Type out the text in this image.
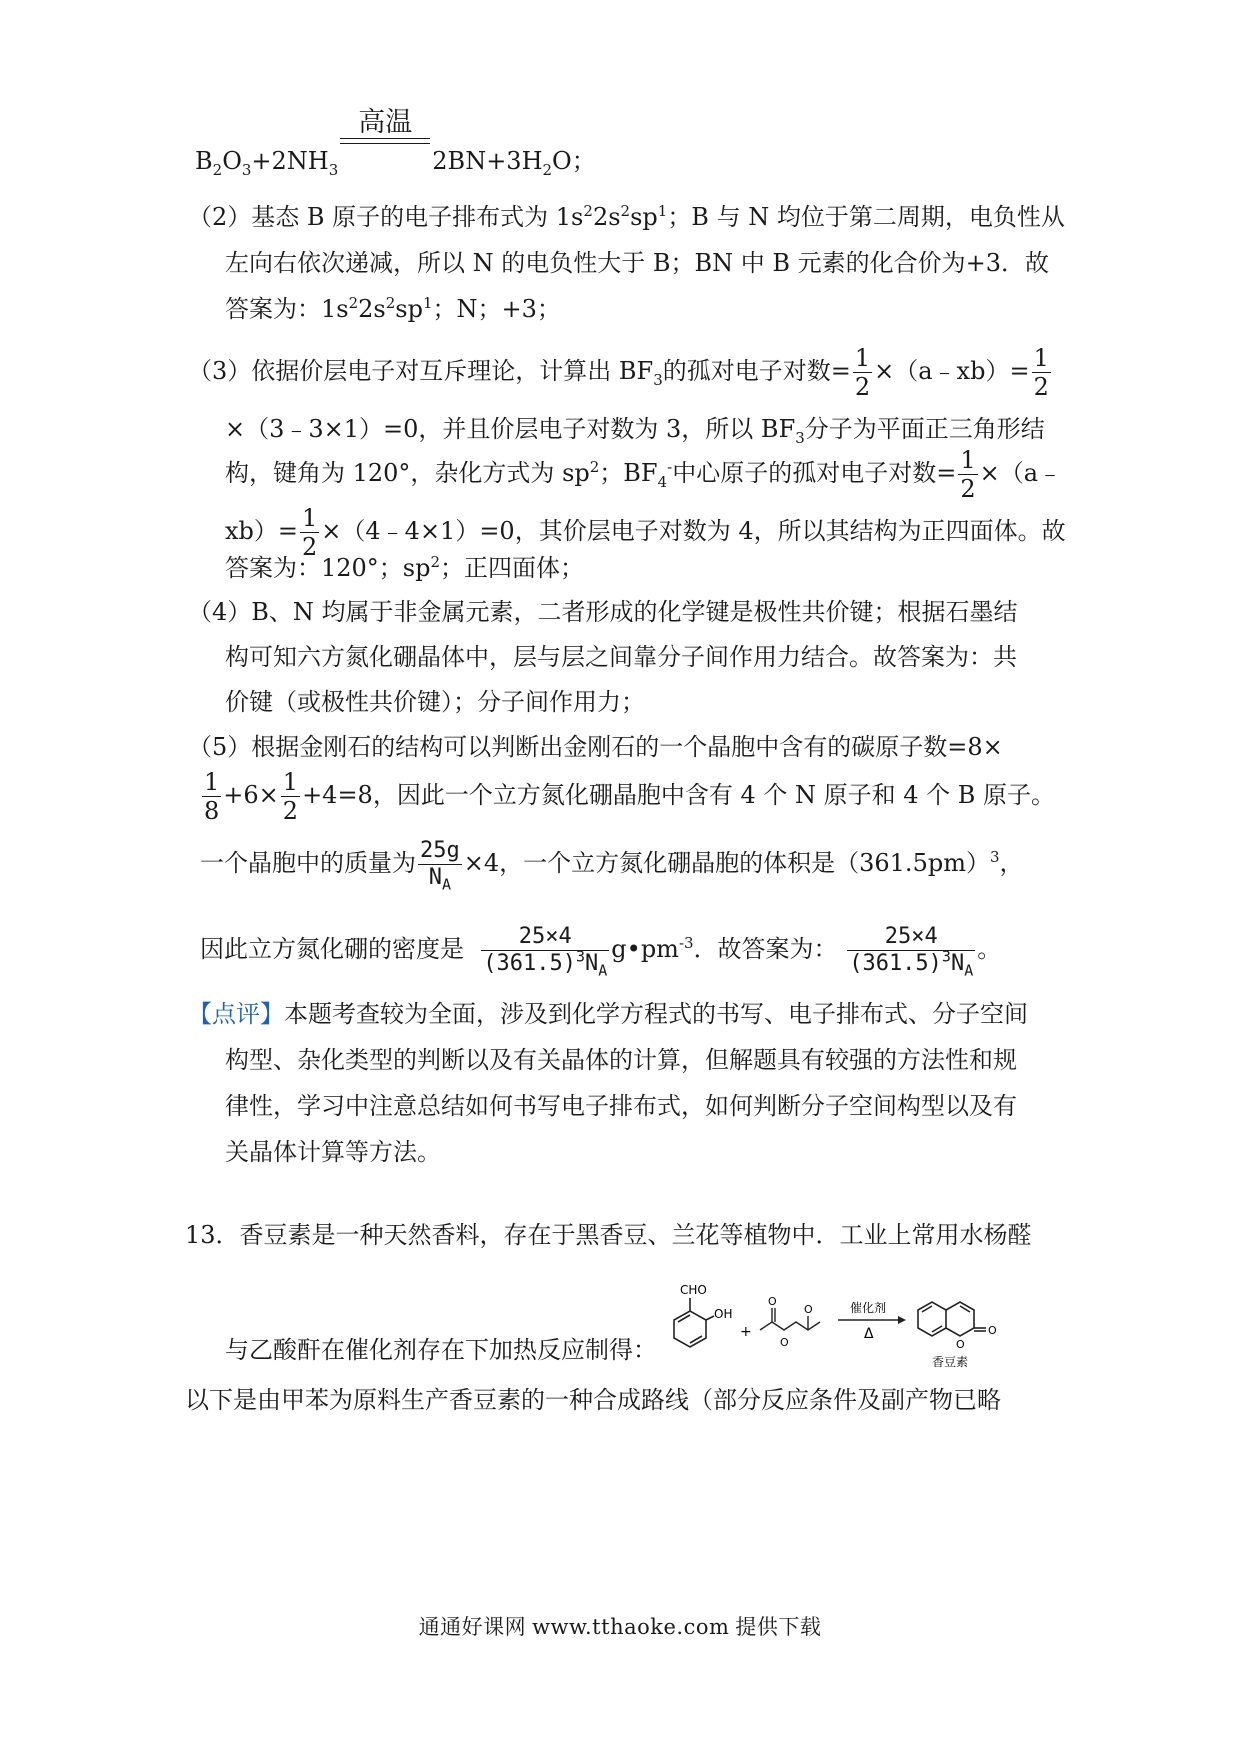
$B_2O_3+2NH_3$
高温
$2BN+3H_2O$；
（2）基态 B 原子的电子排布式为 $1s^22s^2sp^1$；B 与 N 均位于第二周期，电负性从
左向右依次递减，所以 N 的电负性大于 B；BN 中 B 元素的化合价为+3．故
答案为：$1s^22s^2sp^1$；N；+3；
（3）依据价层电子对互斥理论，计算出 $BF_3$的孤对电子对数= $\frac{1}{2}$ ×（a﹣xb）= $\frac{1}{2}$
×（3﹣3×1）=0，并且价层电子对数为 3，所以 $BF_3$分子为平面正三角形结
构，键角为 120°，杂化方式为 $sp^2$；$BF_4^-$中心原子的孤对电子对数= $\frac{1}{2}$ ×（a﹣
$xb)= \frac{1}{2}$ ×（4﹣4×1）=0，其价层电子对数为 4，所以其结构为正四面体。故
答案为：120°；$sp^2$；正四面体；
（4）B、N 均属于非金属元素，二者形成的化学键是极性共价键；根据石墨结
构可知六方氮化硼晶体中，层与层之间靠分子间作用力结合。故答案为：共
价键（或极性共价键）；分子间作用力；
（5）根据金刚石的结构可以判断出金刚石的一个晶胞中含有的碳原子数=8×
$\frac{1}{8} +6\times \frac{1}{2} +4=8$，因此一个立方氮化硼晶胞中含有 4 个 N 原子和 4 个 B 原子。
一个晶胞中的质量为 $\frac{25g}{N_A} \times 4$，一个立方氮化硼晶胞的体积是$(361.5pm)^3$，
因此立方氮化硼的密度是 $\frac{25\times 4}{(361.5)^3N_A}$ $g•pm^{-3}$．故答案为： $\frac{25\times 4}{(361.5)^3N_A}$ 。
【点评】本题考查较为全面，涉及到化学方程式的书写、电子排布式、分子空间
构型、杂化类型的判断以及有关晶体的计算，但解题具有较强的方法性和规
律性，学习中注意总结如何书写电子排布式，如何判断分子空间构型以及有
关晶体计算等方法。
13．香豆素是一种天然香料，存在于黑香豆、兰花等植物中．工业上常用水杨醛
与乙酸酐在催化剂存在下加热反应制得：
以下是由甲苯为原料生产香豆素的一种合成路线（部分反应条件及副产物已略
CHO
OH
+
O
O
O	催化剂
Δ
O
O
香豆素
通通好课网 www.tthaoke.com 提供下载
